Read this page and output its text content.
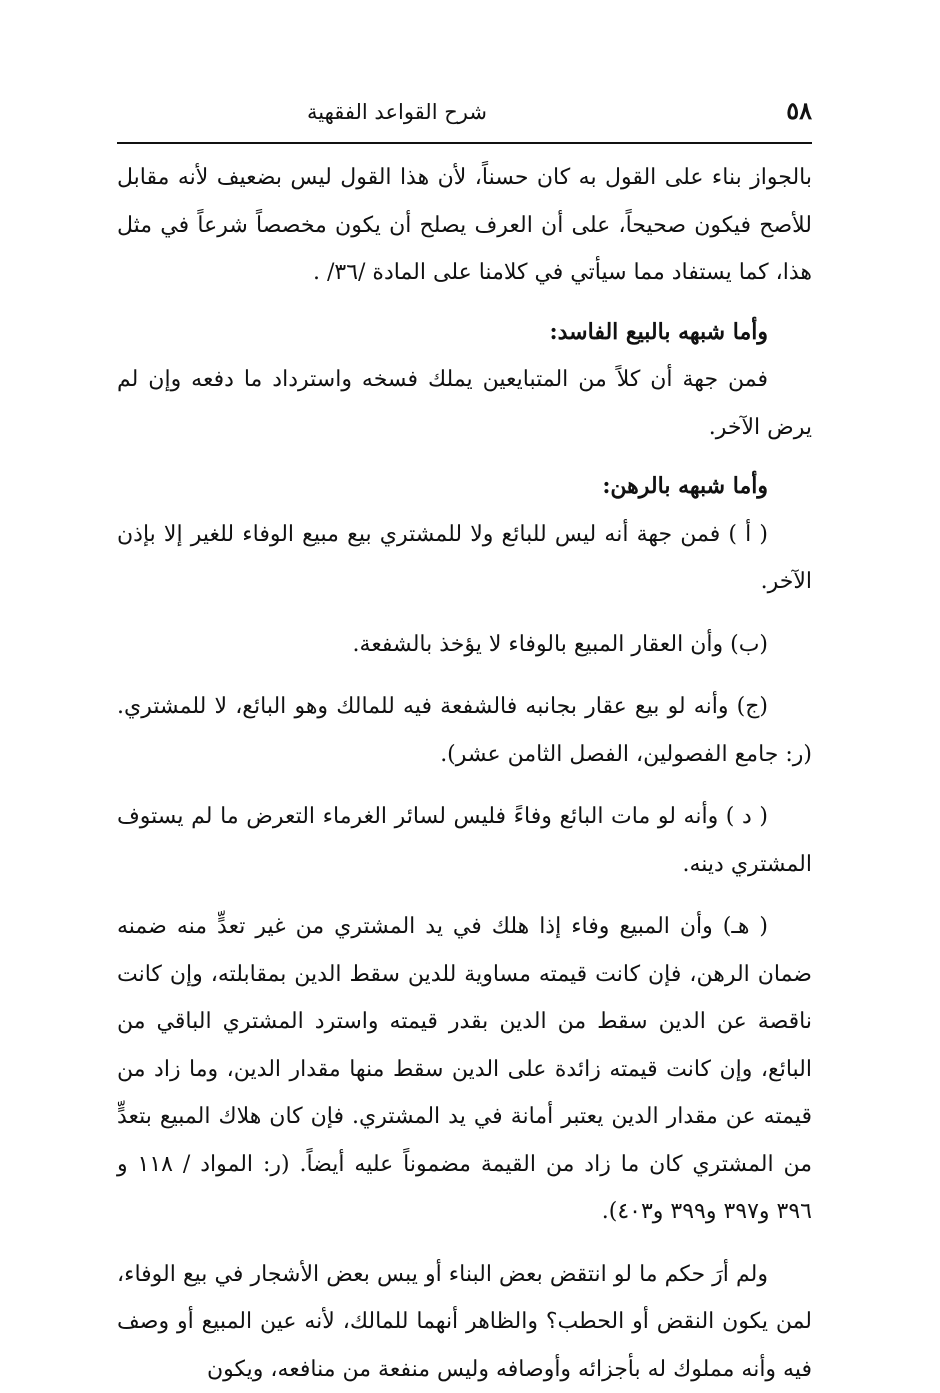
٥٨
شرح القواعد الفقهية

بالجواز بناء على القول به كان حسناً، لأن هذا القول ليس بضعيف لأنه مقابل للأصح فيكون صحيحاً، على أن العرف يصلح أن يكون مخصصاً شرعاً في مثل هذا، كما يستفاد مما سيأتي في كلامنا على المادة /٣٦/ .

وأما شبهه بالبيع الفاسد:

فمن جهة أن كلاً من المتبايعين يملك فسخه واسترداد ما دفعه وإن لم يرض الآخر.

وأما شبهه بالرهن:

( أ ) فمن جهة أنه ليس للبائع ولا للمشتري بيع مبيع الوفاء للغير إلا بإذن الآخر.

(ب) وأن العقار المبيع بالوفاء لا يؤخذ بالشفعة.

(ج) وأنه لو بيع عقار بجانبه فالشفعة فيه للمالك وهو البائع، لا للمشتري. (ر: جامع الفصولين، الفصل الثامن عشر).

( د ) وأنه لو مات البائع وفاءً فليس لسائر الغرماء التعرض ما لم يستوف المشتري دينه.

( هـ) وأن المبيع وفاء إذا هلك في يد المشتري من غير تعدٍّ منه ضمنه ضمان الرهن، فإن كانت قيمته مساوية للدين سقط الدين بمقابلته، وإن كانت ناقصة عن الدين سقط من الدين بقدر قيمته واسترد المشتري الباقي من البائع، وإن كانت قيمته زائدة على الدين سقط منها مقدار الدين، وما زاد من قيمته عن مقدار الدين يعتبر أمانة في يد المشتري. فإن كان هلاك المبيع بتعدٍّ من المشتري كان ما زاد من القيمة مضموناً عليه أيضاً. (ر: المواد / ١١٨ و ٣٩٦ و٣٩٧ و٣٩٩ و٤٠٣).

ولم أرَ حكم ما لو انتقض بعض البناء أو يبس بعض الأشجار في بيع الوفاء، لمن يكون النقض أو الحطب؟ والظاهر أنهما للمالك، لأنه عين المبيع أو وصف فيه وأنه مملوك له بأجزائه وأوصافه وليس منفعة من منافعه، ويكون
